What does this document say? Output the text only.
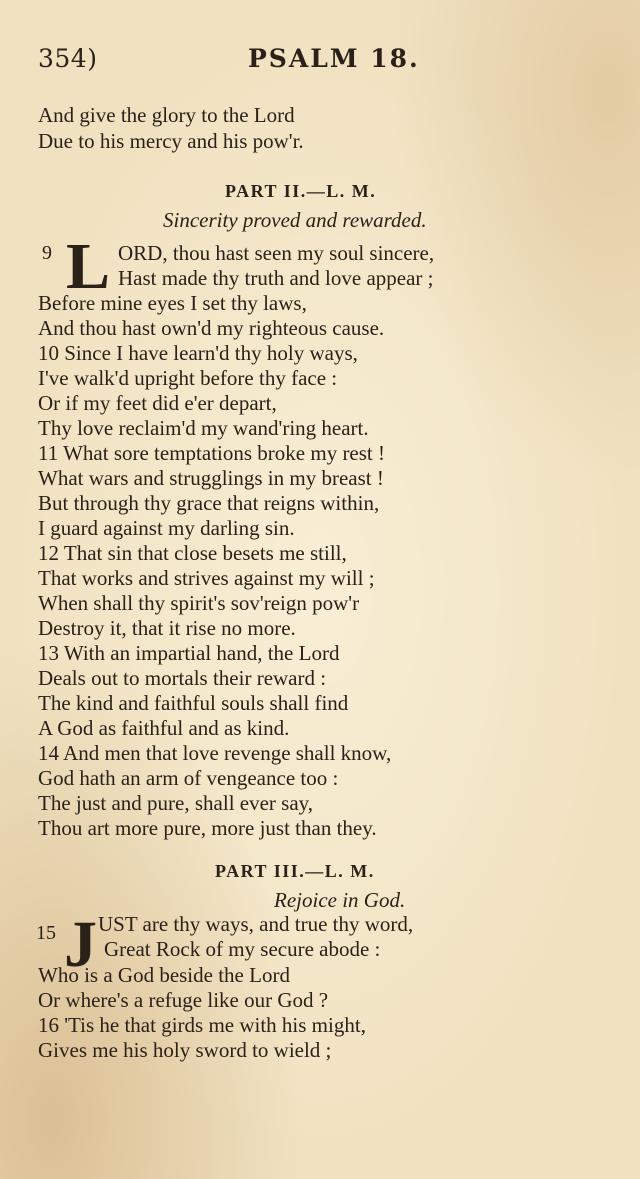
354)	PSALM 18.
And give the glory to the Lord
Due to his mercy and his pow'r.
PART II.—L. M.
Sincerity proved and rewarded.
9 L ORD, thou hast seen my soul sincere,
Hast made thy truth and love appear ;
Before mine eyes I set thy laws,
And thou hast own'd my righteous cause.
10 Since I have learn'd thy holy ways,
I've walk'd upright before thy face :
Or if my feet did e'er depart,
Thy love reclaim'd my wand'ring heart.
11 What sore temptations broke my rest !
What wars and strugglings in my breast !
But through thy grace that reigns within,
I guard against my darling sin.
12 That sin that close besets me still,
That works and strives against my will ;
When shall thy spirit's sov'reign pow'r
Destroy it, that it rise no more.
13 With an impartial hand, the Lord
Deals out to mortals their reward :
The kind and faithful souls shall find
A God as faithful and as kind.
14 And men that love revenge shall know,
God hath an arm of vengeance too :
The just and pure, shall ever say,
Thou art more pure, more just than they.
PART III.—L. M.
Rejoice in God.
15 J UST are thy ways, and true thy word,
Great Rock of my secure abode :
Who is a God beside the Lord
Or where's a refuge like our God ?
16 'Tis he that girds me with his might,
Gives me his holy sword to wield ;
